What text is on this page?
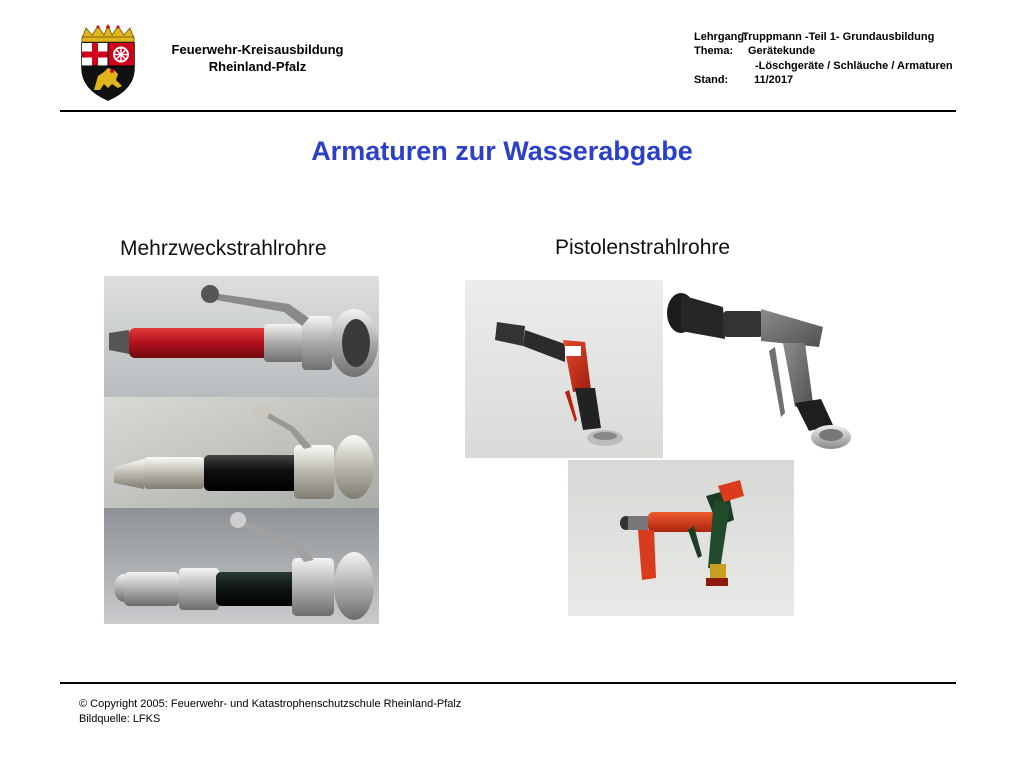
Feuerwehr-Kreisausbildung
Rheinland-Pfalz
Lehrgang:Truppmann -Teil 1- Grundausbildung
Thema: Gerätekunde
-Löschgeräte / Schläuche / Armaturen
Stand: 11/2017
Armaturen zur Wasserabgabe
Mehrzweckstrahlrohre	Pistolenstrahlrohre
© Copyright 2005: Feuerwehr- und Katastrophenschutzschule Rheinland-Pfalz
Bildquelle: LFKS
